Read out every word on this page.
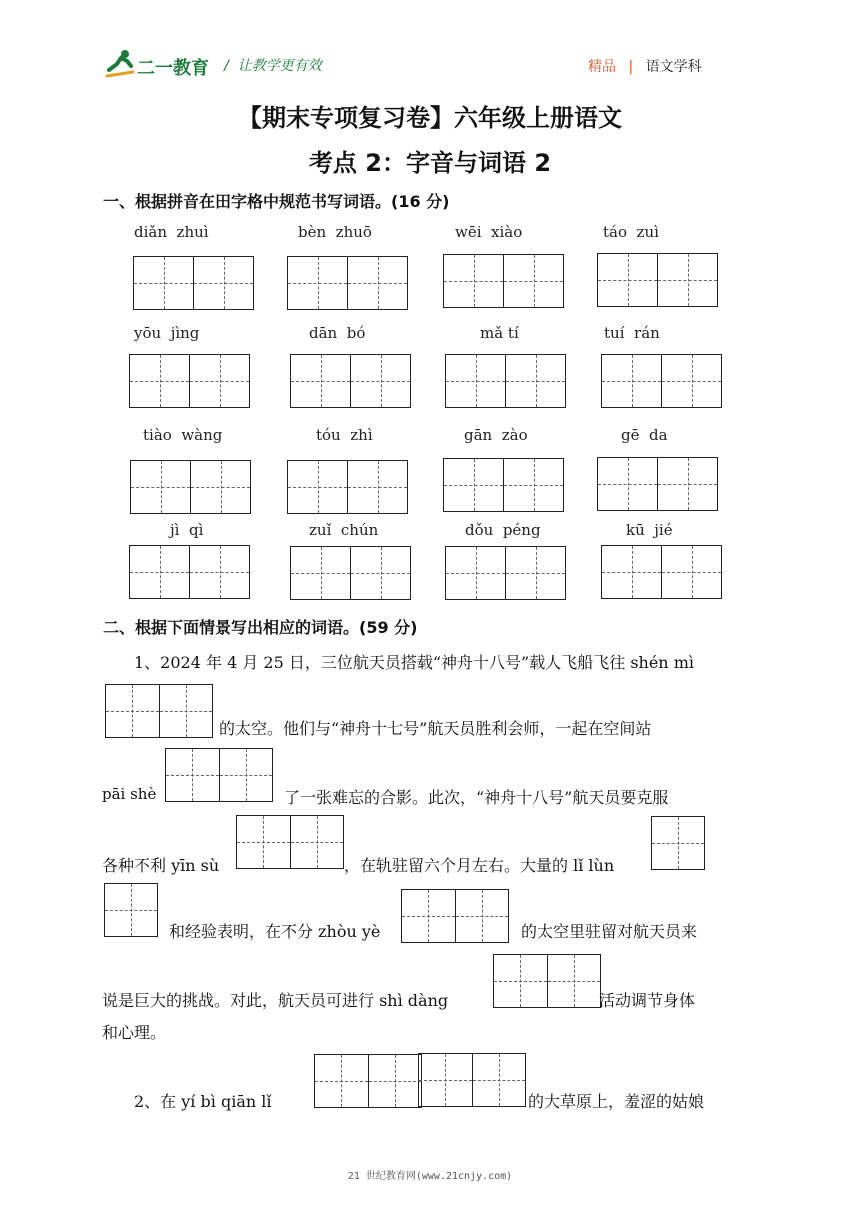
二一教育 /  让教学更有效	精品 | 语文学科
【期末专项复习卷】六年级上册语文
考点 2：字音与词语 2
一、根据拼音在田字格中规范书写词语。(16 分)
diǎn  zhuì	bèn  zhuō	wēi  xiào	táo  zuì
yōu  jìng	dān  bó	mǎ tí	tuí  rán
tiào  wàng	tóu  zhì	gān  zào	gē  da
jì  qì	zuǐ  chún	dǒu  péng	kū  jié
二、根据下面情景写出相应的词语。(59 分)
1、2024 年 4 月 25 日，三位航天员搭载“神舟十八号”载人飞船飞往 shén mì
的太空。他们与“神舟十七号”航天员胜利会师，一起在空间站
pāi shè	了一张难忘的合影。此次，“神舟十八号”航天员要克服
各种不利 yīn sù	，在轨驻留六个月左右。大量的 lǐ lùn
和经验表明，在不分 zhòu yè	的太空里驻留对航天员来
说是巨大的挑战。对此，航天员可进行 shì dàng	活动调节身体
和心理。
2、在 yí bì qiān lǐ	的大草原上，羞涩的姑娘
21 世纪教育网(www.21cnjy.com)
